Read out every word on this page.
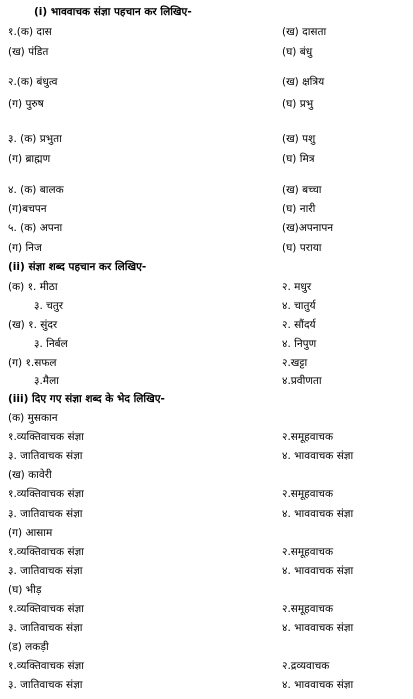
(i) भाववाचक संज्ञा पहचान कर लिखिए-
१.(क) दास	(ख) दासता
(ख) पंडित	(घ) बंधु
२.(क) बंधुत्व	(ख) क्षत्रिय
(ग) पुरुष	(घ) प्रभु
३. (क) प्रभुता	(ख) पशु
(ग) ब्राह्मण	(घ) मित्र
४. (क) बालक	(ख) बच्चा
(ग)बचपन	(घ) नारी
५. (क) अपना	(ख)अपनापन
(ग) निज	(घ) पराया
(ii) संज्ञा शब्द पहचान कर लिखिए-
(क) १. मीठा	२. मधुर
३. चतुर	४. चातुर्य
(ख) १. सुंदर	२. सौंदर्य
३. निर्बल	४. निपुण
(ग) १.सफल	२.खट्टा
३.मैला	४.प्रवीणता
(iii) दिए गए संज्ञा शब्द के भेद लिखिए-
(क) मुसकान
१.व्यक्तिवाचक संज्ञा	२.समूहवाचक
३. जातिवाचक संज्ञा	४. भाववाचक संज्ञा
(ख) कावेरी
१.व्यक्तिवाचक संज्ञा	२.समूहवाचक
३. जातिवाचक संज्ञा	४. भाववाचक संज्ञा
(ग) आसाम
१.व्यक्तिवाचक संज्ञा	२.समूहवाचक
३. जातिवाचक संज्ञा	४. भाववाचक संज्ञा
(घ) भीड़
१.व्यक्तिवाचक संज्ञा	२.समूहवाचक
३. जातिवाचक संज्ञा	४. भाववाचक संज्ञा
(ड) लकड़ी
१.व्यक्तिवाचक संज्ञा	२.द्रव्यवाचक
३. जातिवाचक संज्ञा	४. भाववाचक संज्ञा
